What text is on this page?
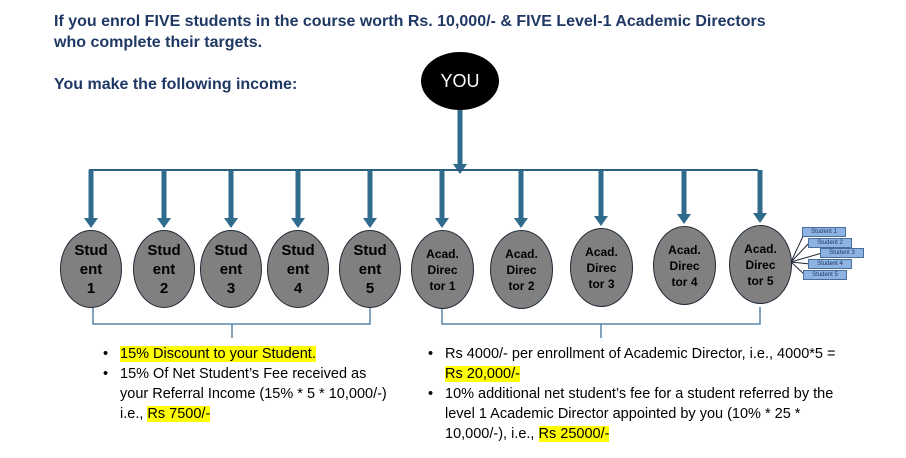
If you enrol FIVE students in the course worth Rs. 10,000/- & FIVE Level-1 Academic Directors
who complete their targets.
You make the following income:	YOU
Stud
ent
1
Stud
ent
2
Stud
ent
3
Stud
ent
4
Stud
ent
5
Acad.
Direc
tor 1
Acad.
Direc
tor 2
Acad.
Direc
tor 3
Acad.
Direc
tor 4
Acad.
Direc
tor 5
Student 1
Student 2
Student 3
Student 4
Student 5
• 15% Discount to your Student.
• 15% Of Net Student’s Fee received as your Referral Income (15% * 5 * 10,000/-) i.e., Rs 7500/-
• Rs 4000/- per enrollment of Academic Director, i.e., 4000*5 = Rs 20,000/-
• 10% additional net student’s fee for a student referred by the level 1 Academic Director appointed by you (10% * 25 * 10,000/-), i.e., Rs 25000/-
